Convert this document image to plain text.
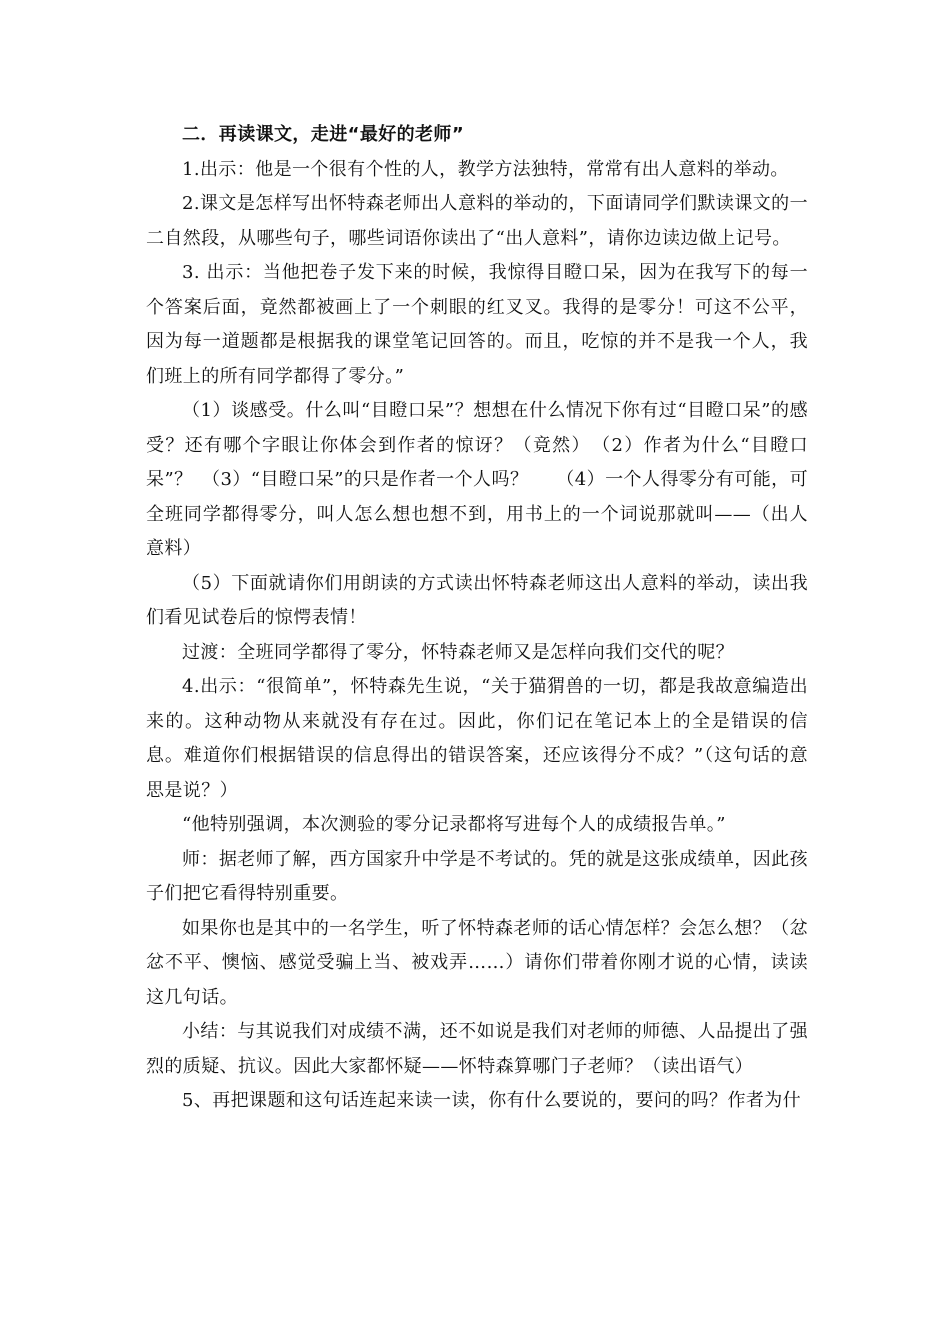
二．再读课文，走进“最好的老师”

1.出示：他是一个很有个性的人，教学方法独特，常常有出人意料的举动。

2.课文是怎样写出怀特森老师出人意料的举动的，下面请同学们默读课文的一二自然段，从哪些句子，哪些词语你读出了“出人意料”，请你边读边做上记号。

3. 出示：当他把卷子发下来的时候，我惊得目瞪口呆，因为在我写下的每一个答案后面，竟然都被画上了一个刺眼的红叉叉。我得的是零分！可这不公平，因为每一道题都是根据我的课堂笔记回答的。而且，吃惊的并不是我一个人，我们班上的所有同学都得了零分。”

（1）谈感受。什么叫“目瞪口呆”？想想在什么情况下你有过“目瞪口呆”的感受？还有哪个字眼让你体会到作者的惊讶？（竟然）　（2）作者为什么“目瞪口呆”？　（3）“目瞪口呆”的只是作者一个人吗？　　（4）一个人得零分有可能，可全班同学都得零分，叫人怎么想也想不到，用书上的一个词说那就叫——（出人意料）

（5）下面就请你们用朗读的方式读出怀特森老师这出人意料的举动，读出我们看见试卷后的惊愕表情！

过渡：全班同学都得了零分，怀特森老师又是怎样向我们交代的呢？

4.出示：“很简单”，怀特森先生说，“关于猫猬兽的一切，都是我故意编造出来的。这种动物从来就没有存在过。因此，你们记在笔记本上的全是错误的信息。难道你们根据错误的信息得出的错误答案，还应该得分不成？”（这句话的意思是说？）

“他特别强调，本次测验的零分记录都将写进每个人的成绩报告单。”

师：据老师了解，西方国家升中学是不考试的。凭的就是这张成绩单，因此孩子们把它看得特别重要。

如果你也是其中的一名学生，听了怀特森老师的话心情怎样？会怎么想？（忿忿不平、懊恼、感觉受骗上当、被戏弄……）请你们带着你刚才说的心情，读读这几句话。

小结：与其说我们对成绩不满，还不如说是我们对老师的师德、人品提出了强烈的质疑、抗议。因此大家都怀疑——怀特森算哪门子老师？（读出语气）

5、再把课题和这句话连起来读一读，你有什么要说的，要问的吗？作者为什
